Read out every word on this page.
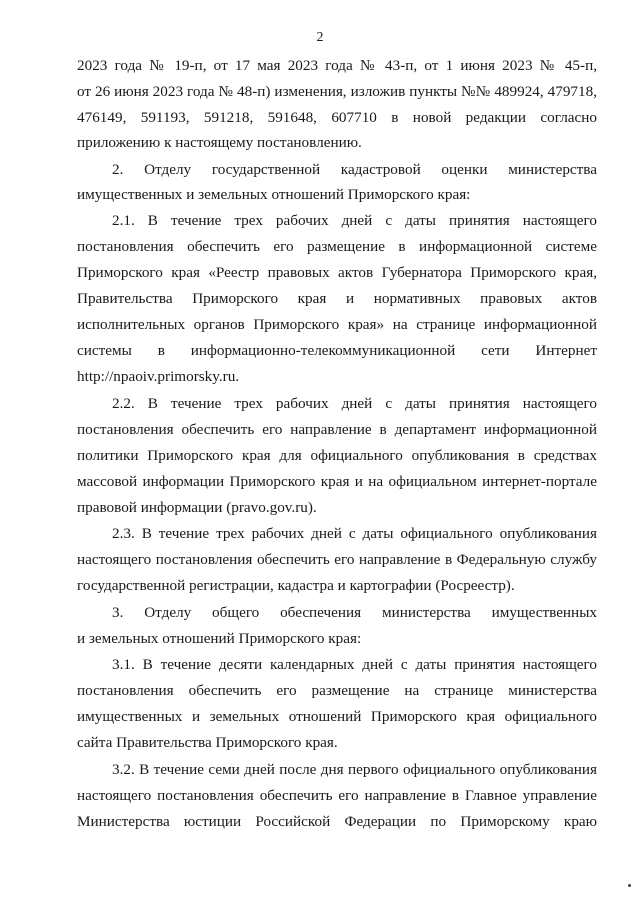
2
2023 года № 19-п, от 17 мая 2023 года № 43-п, от 1 июня 2023 № 45-п,
от 26 июня 2023 года № 48-п) изменения, изложив пункты №№ 489924, 479718,
476149, 591193, 591218, 591648, 607710 в новой редакции согласно
приложению к настоящему постановлению.
2. Отделу государственной кадастровой оценки министерства
имущественных и земельных отношений Приморского края:
2.1. В течение трех рабочих дней с даты принятия настоящего
постановления обеспечить его размещение в информационной системе
Приморского края «Реестр правовых актов Губернатора Приморского края,
Правительства Приморского края и нормативных правовых актов
исполнительных органов Приморского края» на странице информационной
системы в информационно-телекоммуникационной сети Интернет
http://npaoiv.primorsky.ru.
2.2. В течение трех рабочих дней с даты принятия настоящего
постановления обеспечить его направление в департамент информационной
политики Приморского края для официального опубликования в средствах
массовой информации Приморского края и на официальном интернет-портале
правовой информации (pravo.gov.ru).
2.3. В течение трех рабочих дней с даты официального опубликования
настоящего постановления обеспечить его направление в Федеральную службу
государственной регистрации, кадастра и картографии (Росреестр).
3. Отделу общего обеспечения министерства имущественных
и земельных отношений Приморского края:
3.1. В течение десяти календарных дней с даты принятия настоящего
постановления обеспечить его размещение на странице министерства
имущественных и земельных отношений Приморского края официального
сайта Правительства Приморского края.
3.2. В течение семи дней после дня первого официального опубликования
настоящего постановления обеспечить его направление в Главное управление
Министерства юстиции Российской Федерации по Приморскому краю
